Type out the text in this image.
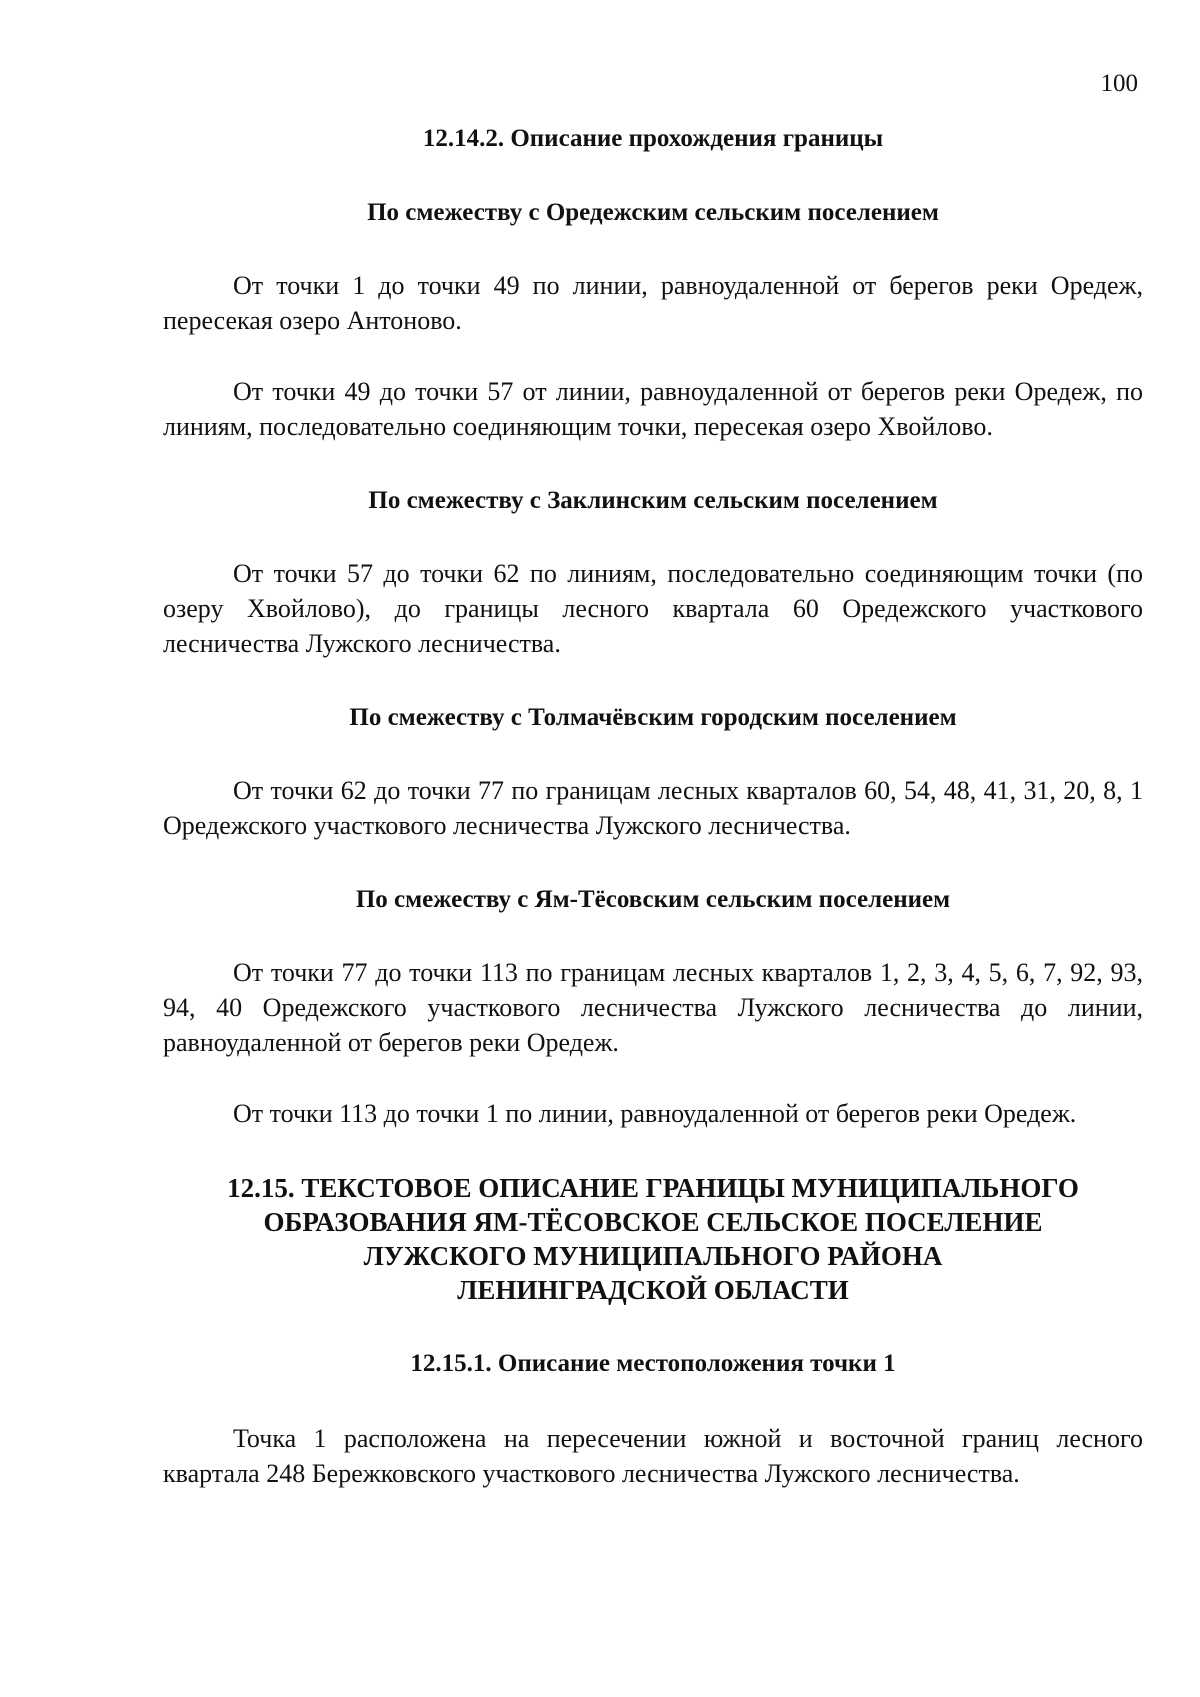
100
12.14.2. Описание прохождения границы
По смежеству с Оредежским сельским поселением

От точки 1 до точки 49 по линии, равноудаленной от берегов реки Оредеж, пересекая озеро Антоново.

От точки 49 до точки 57 от линии, равноудаленной от берегов реки Оредеж, по линиям, последовательно соединяющим точки, пересекая озеро Хвойлово.

По смежеству с Заклинским сельским поселением

От точки 57 до точки 62 по линиям, последовательно соединяющим точки (по озеру Хвойлово), до границы лесного квартала 60 Оредежского участкового лесничества Лужского лесничества.

По смежеству с Толмачёвским городским поселением

От точки 62 до точки 77 по границам лесных кварталов 60, 54, 48, 41, 31, 20, 8, 1 Оредежского участкового лесничества Лужского лесничества.

По смежеству с Ям-Тёсовским сельским поселением

От точки 77 до точки 113 по границам лесных кварталов 1, 2, 3, 4, 5, 6, 7, 92, 93, 94, 40 Оредежского участкового лесничества Лужского лесничества до линии, равноудаленной от берегов реки Оредеж.

От точки 113 до точки 1 по линии, равноудаленной от берегов реки Оредеж.

12.15. ТЕКСТОВОЕ ОПИСАНИЕ ГРАНИЦЫ МУНИЦИПАЛЬНОГО
ОБРАЗОВАНИЯ ЯМ-ТЁСОВСКОЕ СЕЛЬСКОЕ ПОСЕЛЕНИЕ
ЛУЖСКОГО МУНИЦИПАЛЬНОГО РАЙОНА
ЛЕНИНГРАДСКОЙ ОБЛАСТИ
12.15.1. Описание местоположения точки 1

Точка 1 расположена на пересечении южной и восточной границ лесного квартала 248 Бережковского участкового лесничества Лужского лесничества.
